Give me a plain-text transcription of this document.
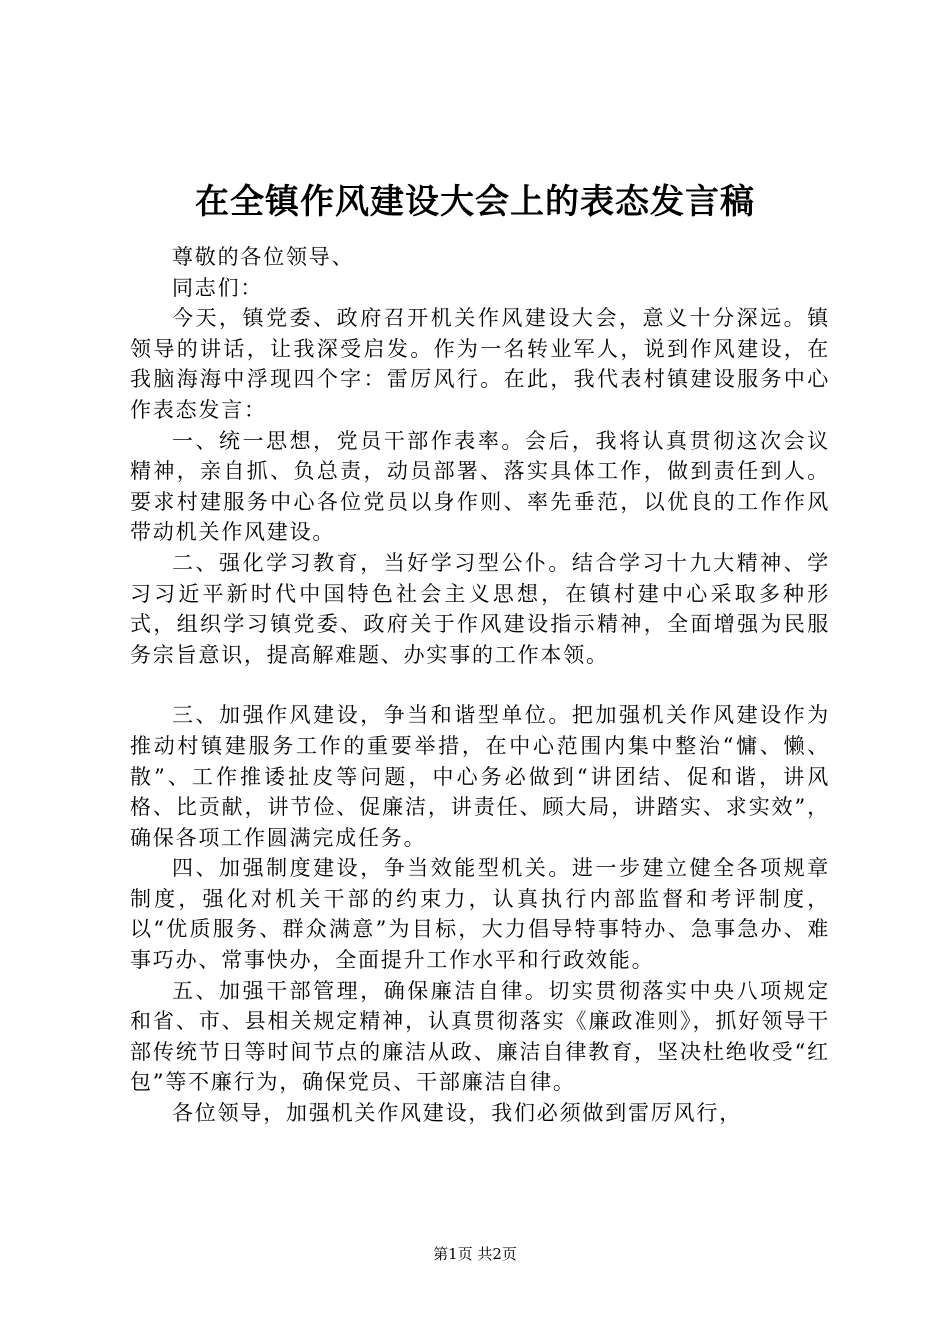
在全镇作风建设大会上的表态发言稿

尊敬的各位领导、

同志们：

今天，镇党委、政府召开机关作风建设大会，意义十分深远。镇领导的讲话，让我深受启发。作为一名转业军人，说到作风建设，在我脑海海中浮现四个字：雷厉风行。在此，我代表村镇建设服务中心作表态发言：

一、统一思想，党员干部作表率。会后，我将认真贯彻这次会议精神，亲自抓、负总责，动员部署、落实具体工作，做到责任到人。要求村建服务中心各位党员以身作则、率先垂范，以优良的工作作风带动机关作风建设。

二、强化学习教育，当好学习型公仆。结合学习十九大精神、学习习近平新时代中国特色社会主义思想，在镇村建中心采取多种形式，组织学习镇党委、政府关于作风建设指示精神，全面增强为民服务宗旨意识，提高解难题、办实事的工作本领。

三、加强作风建设，争当和谐型单位。把加强机关作风建设作为推动村镇建服务工作的重要举措，在中心范围内集中整治“慵、懒、散”、工作推诿扯皮等问题，中心务必做到“讲团结、促和谐，讲风格、比贡献，讲节俭、促廉洁，讲责任、顾大局，讲踏实、求实效”，确保各项工作圆满完成任务。

四、加强制度建设，争当效能型机关。进一步建立健全各项规章制度，强化对机关干部的约束力，认真执行内部监督和考评制度，以“优质服务、群众满意”为目标，大力倡导特事特办、急事急办、难事巧办、常事快办，全面提升工作水平和行政效能。

五、加强干部管理，确保廉洁自律。切实贯彻落实中央八项规定和省、市、县相关规定精神，认真贯彻落实《廉政准则》，抓好领导干部传统节日等时间节点的廉洁从政、廉洁自律教育，坚决杜绝收受“红包”等不廉行为，确保党员、干部廉洁自律。

各位领导，加强机关作风建设，我们必须做到雷厉风行，

第1页 共2页
